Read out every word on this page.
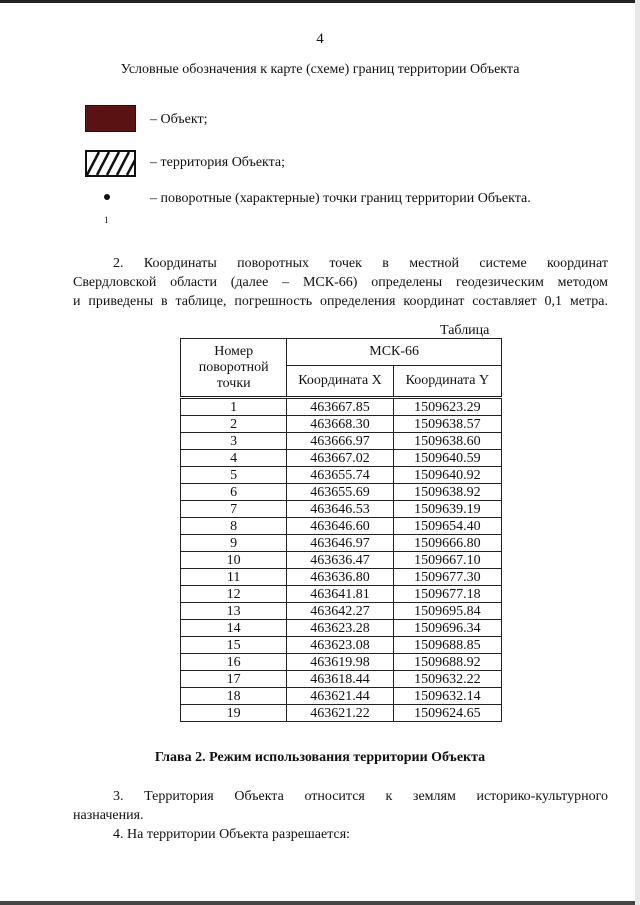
4
Условные обозначения к карте (схеме) границ территории Объекта
– Объект;
– территория Объекта;
1
– поворотные (характерные) точки границ территории Объекта.
2. Координаты поворотных точек в местной системе координат
Свердловской области (далее – МСК-66) определены геодезическим методом
и приведены в таблице, погрешность определения координат составляет 0,1 метра.
Таблица
Номер поворотной точки	МСК-66	
	Координата X	Координата Y
1	463667.85	1509623.29
2	463668.30	1509638.57
3	463666.97	1509638.60
4	463667.02	1509640.59
5	463655.74	1509640.92
6	463655.69	1509638.92
7	463646.53	1509639.19
8	463646.60	1509654.40
9	463646.97	1509666.80
10	463636.47	1509667.10
11	463636.80	1509677.30
12	463641.81	1509677.18
13	463642.27	1509695.84
14	463623.28	1509696.34
15	463623.08	1509688.85
16	463619.98	1509688.92
17	463618.44	1509632.22
18	463621.44	1509632.14
19	463621.22	1509624.65
Глава 2. Режим использования территории Объекта
3. Территория Объекта относится к землям историко-культурного
назначения.
4. На территории Объекта разрешается:
